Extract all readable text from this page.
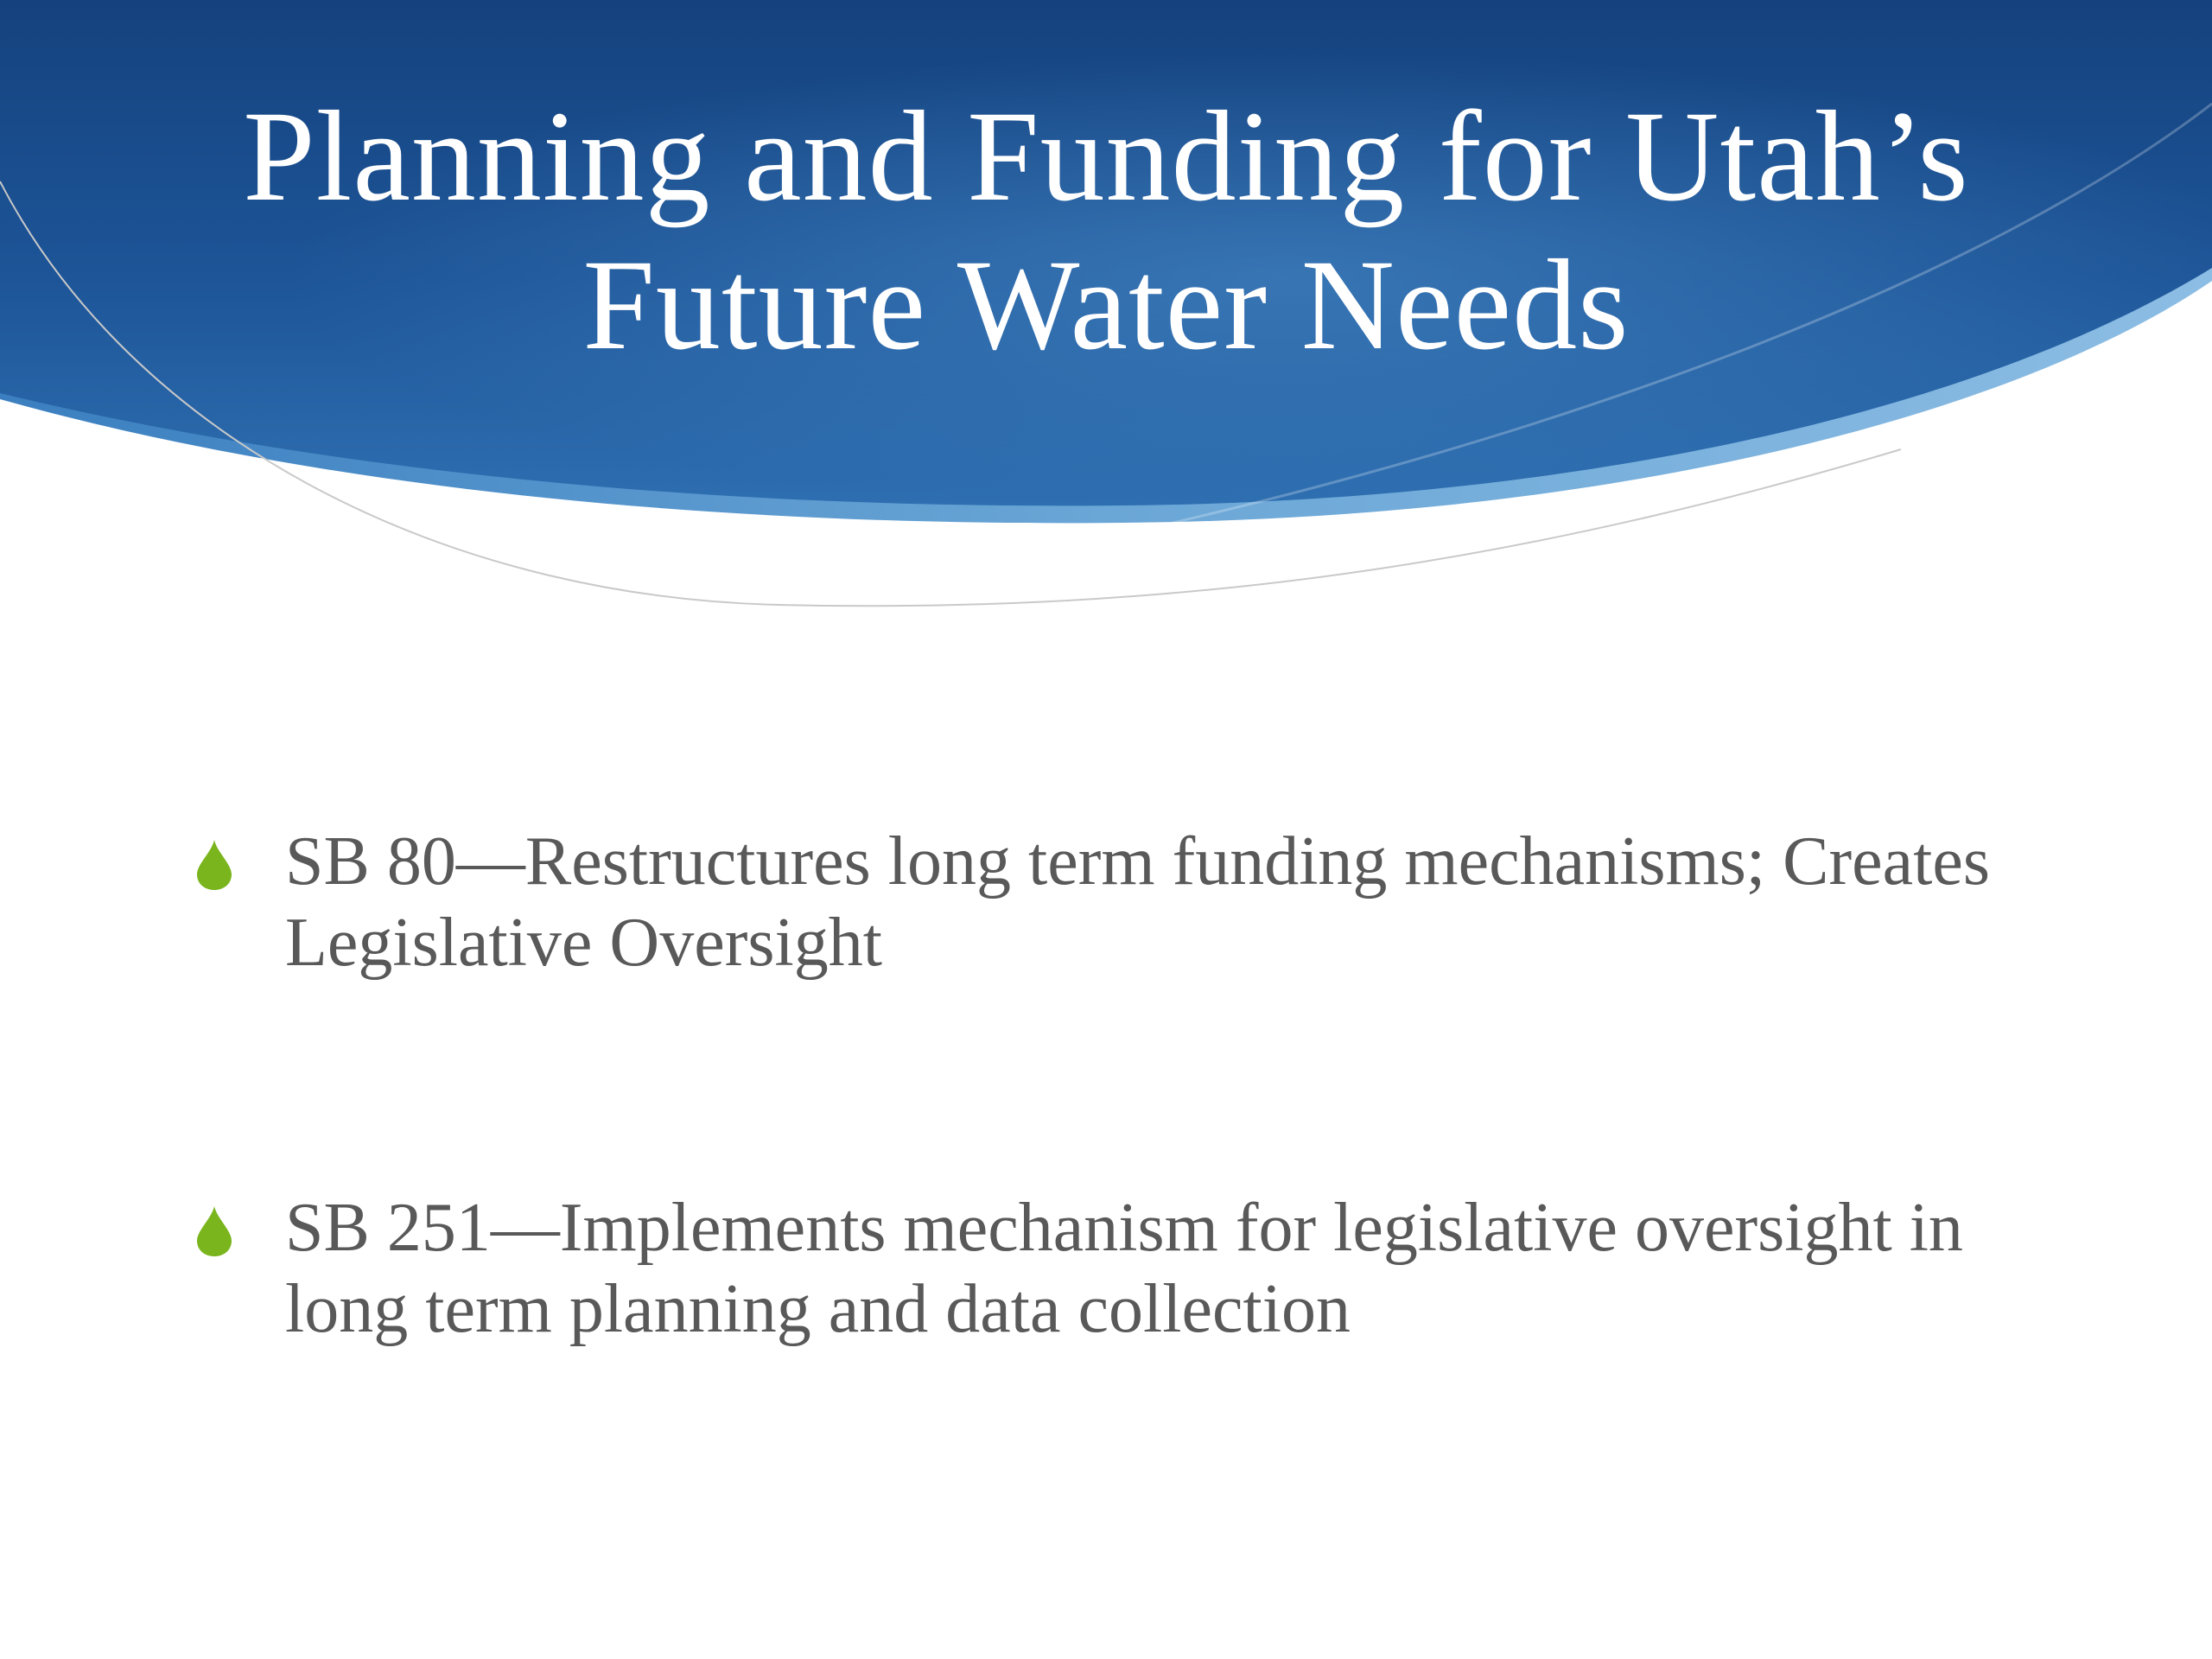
Planning and Funding for Utah’s Future Water Needs
SB 80—Restructures long term funding mechanisms; Creates Legislative Oversight
SB 251—Implements mechanism for legislative oversight in long term planning and data collection
